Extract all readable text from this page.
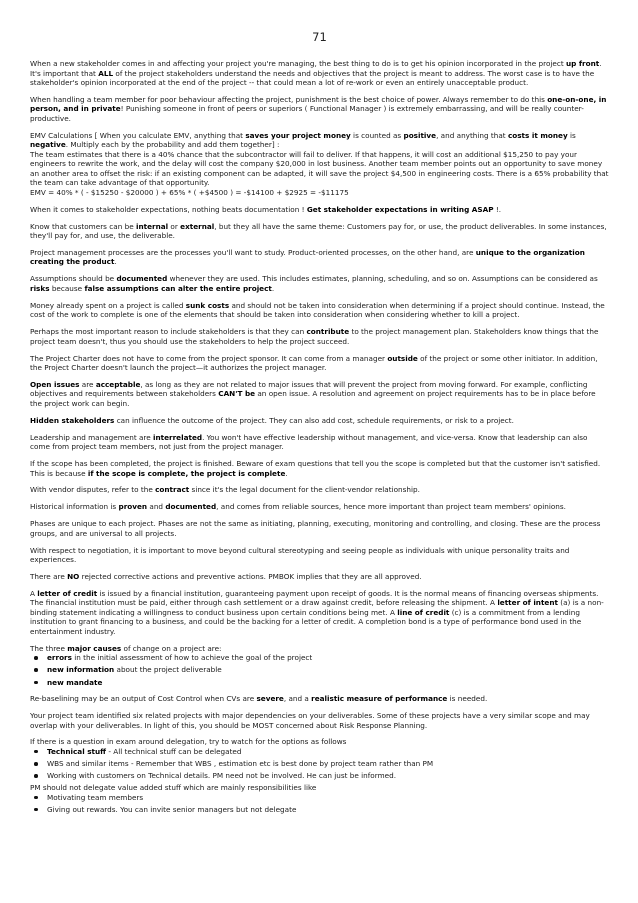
71
When a new stakeholder comes in and affecting your project you're managing, the best thing to do is to get his opinion incorporated in the project up front. It's important that ALL of the project stakeholders understand the needs and objectives that the project is meant to address. The worst case is to have the stakeholder's opinion incorporated at the end of the project -- that could mean a lot of re-work or even an entirely unacceptable product.
When handling a team member for poor behaviour affecting the project, punishment is the best choice of power. Always remember to do this one-on-one, in person, and in private! Punishing someone in front of peers or superiors ( Functional Manager ) is extremely embarrassing, and will be really counter-productive.
EMV Calculations [ When you calculate EMV, anything that saves your project money is counted as positive, and anything that costs it money is negative. Multiply each by the probability and add them together] :
The team estimates that there is a 40% chance that the subcontractor will fail to deliver. If that happens, it will cost an additional $15,250 to pay your engineers to rewrite the work, and the delay will cost the company $20,000 in lost business. Another team member points out an opportunity to save money an another area to offset the risk: if an existing component can be adapted, it will save the project $4,500 in engineering costs. There is a 65% probability that the team can take advantage of that opportunity.
EMV = 40% * ( - $15250 - $20000 ) + 65% * ( +$4500 ) = -$14100 + $2925 = -$11175
When it comes to stakeholder expectations, nothing beats documentation ! Get stakeholder expectations in writing ASAP !.
Know that customers can be internal or external, but they all have the same theme: Customers pay for, or use, the product deliverables. In some instances, they'll pay for, and use, the deliverable.
Project management processes are the processes you'll want to study. Product-oriented processes, on the other hand, are unique to the organization creating the product.
Assumptions should be documented whenever they are used. This includes estimates, planning, scheduling, and so on. Assumptions can be considered as risks because false assumptions can alter the entire project.
Money already spent on a project is called sunk costs and should not be taken into consideration when determining if a project should continue. Instead, the cost of the work to complete is one of the elements that should be taken into consideration when considering whether to kill a project.
Perhaps the most important reason to include stakeholders is that they can contribute to the project management plan. Stakeholders know things that the project team doesn't, thus you should use the stakeholders to help the project succeed.
The Project Charter does not have to come from the project sponsor. It can come from a manager outside of the project or some other initiator. In addition, the Project Charter doesn't launch the project—it authorizes the project manager.
Open issues are acceptable, as long as they are not related to major issues that will prevent the project from moving forward. For example, conflicting objectives and requirements between stakeholders CAN'T be an open issue. A resolution and agreement on project requirements has to be in place before the project work can begin.
Hidden stakeholders can influence the outcome of the project. They can also add cost, schedule requirements, or risk to a project.
Leadership and management are interrelated. You won't have effective leadership without management, and vice-versa. Know that leadership can also come from project team members, not just from the project manager.
If the scope has been completed, the project is finished. Beware of exam questions that tell you the scope is completed but that the customer isn't satisfied. This is because if the scope is complete, the project is complete.
With vendor disputes, refer to the contract since it's the legal document for the client-vendor relationship.
Historical information is proven and documented, and comes from reliable sources, hence more important than project team members' opinions.
Phases are unique to each project. Phases are not the same as initiating, planning, executing, monitoring and controlling, and closing. These are the process groups, and are universal to all projects.
With respect to negotiation, it is important to move beyond cultural stereotyping and seeing people as individuals with unique personality traits and experiences.
There are NO rejected corrective actions and preventive actions. PMBOK implies that they are all approved.
A letter of credit is issued by a financial institution, guaranteeing payment upon receipt of goods. It is the normal means of financing overseas shipments. The financial institution must be paid, either through cash settlement or a draw against credit, before releasing the shipment. A letter of intent (a) is a non-binding statement indicating a willingness to conduct business upon certain conditions being met. A line of credit (c) is a commitment from a lending institution to grant financing to a business, and could be the backing for a letter of credit. A completion bond is a type of performance bond used in the entertainment industry.
The three major causes of change on a project are:
errors in the initial assessment of how to achieve the goal of the project
new information about the project deliverable
new mandate
Re-baselining may be an output of Cost Control when CVs are severe, and a realistic measure of performance is needed.
Your project team identified six related projects with major dependencies on your deliverables. Some of these projects have a very similar scope and may overlap with your deliverables. In light of this, you should be MOST concerned about Risk Response Planning.
If there is a question in exam around delegation, try to watch for the options as follows
Technical stuff - All technical stuff can be delegated
WBS and similar items - Remember that WBS , estimation etc is best done by project team rather than PM
Working with customers on Technical details. PM need not be involved. He can just be informed.
PM should not delegate value added stuff which are mainly responsibilities like
Motivating team members
Giving out rewards. You can invite senior managers but not delegate
